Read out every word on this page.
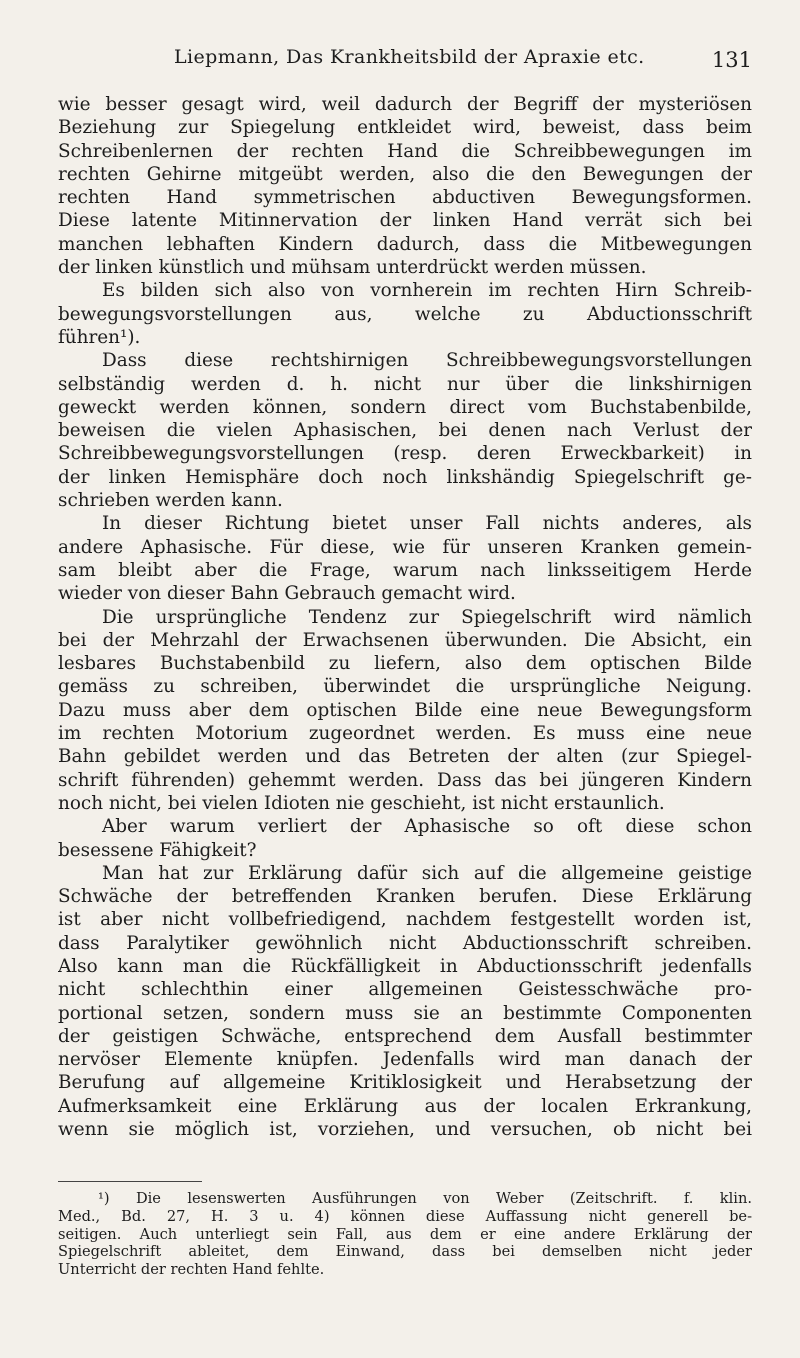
Liepmann, Das Krankheitsbild der Apraxie etc.	131
wie besser gesagt wird, weil dadurch der Begriff der mysteriösen
Beziehung zur Spiegelung entkleidet wird, beweist, dass beim
Schreibenlernen der rechten Hand die Schreibbewegungen im
rechten Gehirne mitgeübt werden, also die den Bewegungen der
rechten Hand symmetrischen abductiven Bewegungsformen.
Diese latente Mitinnervation der linken Hand verrät sich bei
manchen lebhaften Kindern dadurch, dass die Mitbewegungen
der linken künstlich und mühsam unterdrückt werden müssen.
Es bilden sich also von vornherein im rechten Hirn Schreib-
bewegungsvorstellungen aus, welche zu Abductionsschrift
führen¹).
Dass diese rechtshirnigen Schreibbewegungsvorstellungen
selbständig werden d. h. nicht nur über die linkshirnigen
geweckt werden können, sondern direct vom Buchstabenbilde,
beweisen die vielen Aphasischen, bei denen nach Verlust der
Schreibbewegungsvorstellungen (resp. deren Erweckbarkeit) in
der linken Hemisphäre doch noch linkshändig Spiegelschrift ge-
schrieben werden kann.
In dieser Richtung bietet unser Fall nichts anderes, als
andere Aphasische. Für diese, wie für unseren Kranken gemein-
sam bleibt aber die Frage, warum nach linksseitigem Herde
wieder von dieser Bahn Gebrauch gemacht wird.
Die ursprüngliche Tendenz zur Spiegelschrift wird nämlich
bei der Mehrzahl der Erwachsenen überwunden. Die Absicht, ein
lesbares Buchstabenbild zu liefern, also dem optischen Bilde
gemäss zu schreiben, überwindet die ursprüngliche Neigung.
Dazu muss aber dem optischen Bilde eine neue Bewegungsform
im rechten Motorium zugeordnet werden. Es muss eine neue
Bahn gebildet werden und das Betreten der alten (zur Spiegel-
schrift führenden) gehemmt werden. Dass das bei jüngeren Kindern
noch nicht, bei vielen Idioten nie geschieht, ist nicht erstaunlich.
Aber warum verliert der Aphasische so oft diese schon
besessene Fähigkeit?
Man hat zur Erklärung dafür sich auf die allgemeine geistige
Schwäche der betreffenden Kranken berufen. Diese Erklärung
ist aber nicht vollbefriedigend, nachdem festgestellt worden ist,
dass Paralytiker gewöhnlich nicht Abductionsschrift schreiben.
Also kann man die Rückfälligkeit in Abductionsschrift jedenfalls
nicht schlechthin einer allgemeinen Geistesschwäche pro-
portional setzen, sondern muss sie an bestimmte Componenten
der geistigen Schwäche, entsprechend dem Ausfall bestimmter
nervöser Elemente knüpfen. Jedenfalls wird man danach der
Berufung auf allgemeine Kritiklosigkeit und Herabsetzung der
Aufmerksamkeit eine Erklärung aus der localen Erkrankung,
wenn sie möglich ist, vorziehen, und versuchen, ob nicht bei
¹) Die lesenswerten Ausführungen von Weber (Zeitschrift. f. klin.
Med., Bd. 27, H. 3 u. 4) können diese Auffassung nicht generell be-
seitigen. Auch unterliegt sein Fall, aus dem er eine andere Erklärung der
Spiegelschrift ableitet, dem Einwand, dass bei demselben nicht jeder
Unterricht der rechten Hand fehlte.
